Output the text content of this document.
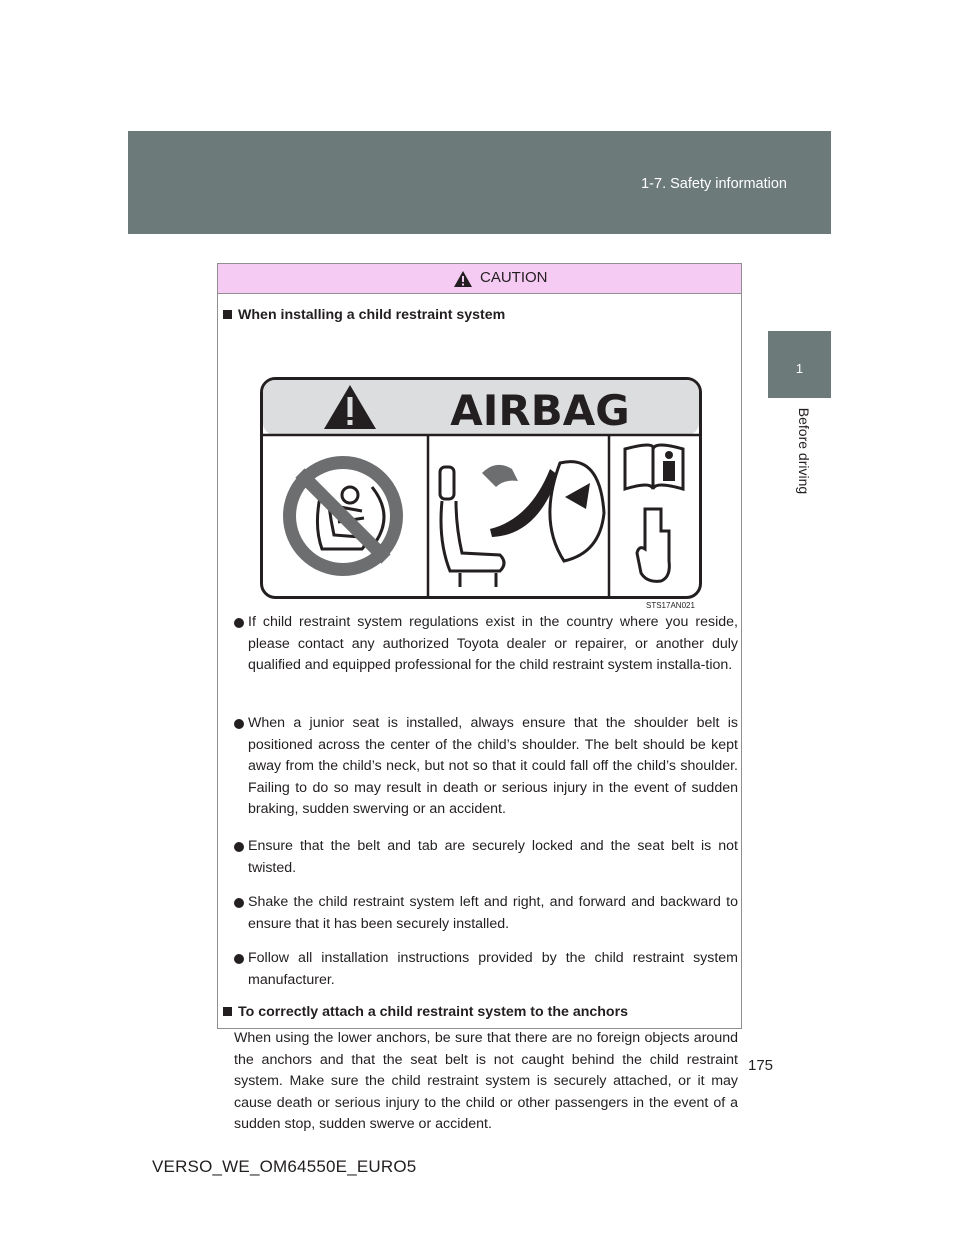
1-7. Safety information
1
Before driving
CAUTION
When installing a child restraint system
AIRBAG
STS17AN021
If child restraint system regulations exist in the country where you reside, please contact any authorized Toyota dealer or repairer, or another duly qualified and equipped professional for the child restraint system installa-tion.
When a junior seat is installed, always ensure that the shoulder belt is positioned across the center of the child’s shoulder. The belt should be kept away from the child’s neck, but not so that it could fall off the child’s shoulder. Failing to do so may result in death or serious injury in the event of sudden braking, sudden swerving or an accident.
Ensure that the belt and tab are securely locked and the seat belt is not twisted.
Shake the child restraint system left and right, and forward and backward to ensure that it has been securely installed.
Follow all installation instructions provided by the child restraint system manufacturer.
To correctly attach a child restraint system to the anchors
When using the lower anchors, be sure that there are no foreign objects around the anchors and that the seat belt is not caught behind the child restraint system. Make sure the child restraint system is securely attached, or it may cause death or serious injury to the child or other passengers in the event of a sudden stop, sudden swerve or accident.
175
VERSO_WE_OM64550E_EURO5
